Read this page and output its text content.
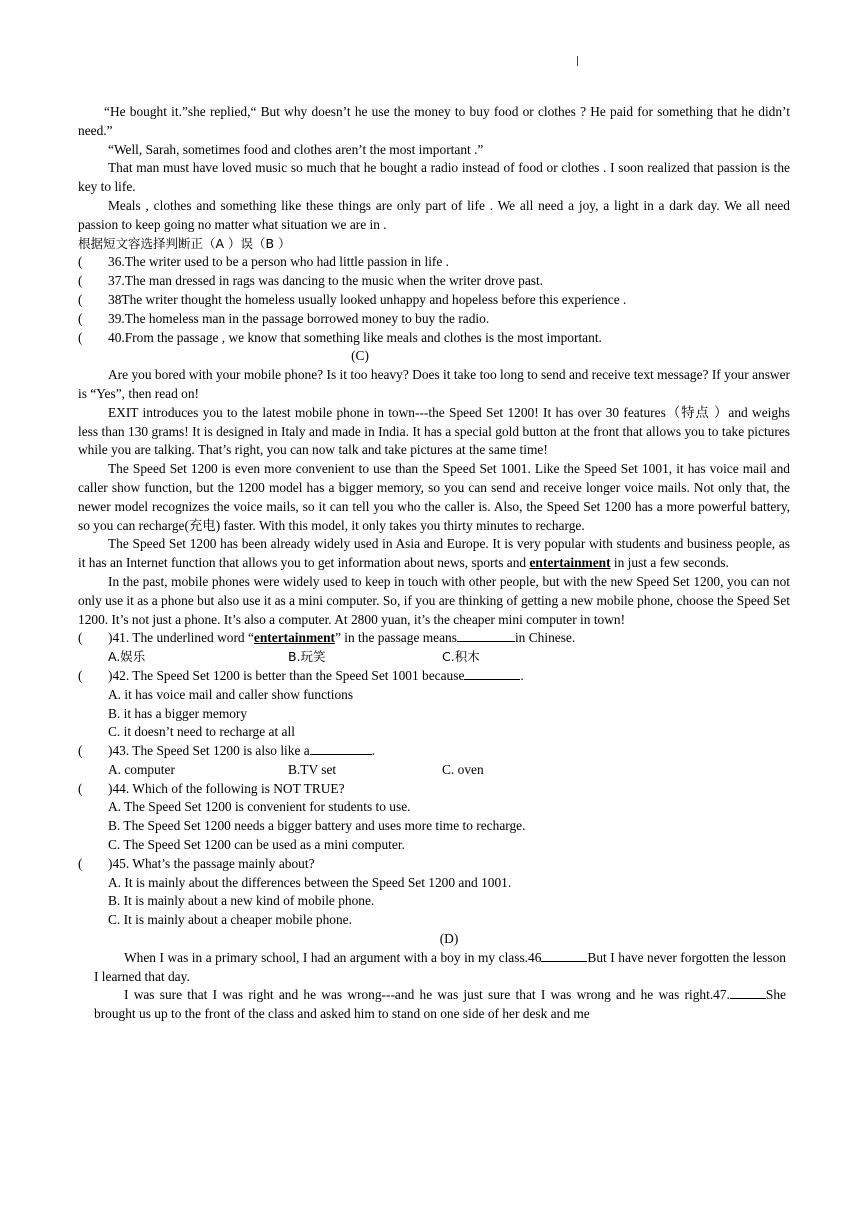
“He bought it.”she replied,“ But why doesn’t he use the money to buy food or clothes ? He paid for something that he didn’t need.”

“Well, Sarah, sometimes food and clothes aren’t the most important .”

That man must have loved music so much that he bought a radio instead of food or clothes . I soon realized that passion is the key to life.

Meals , clothes and something like these things are only part of life . We all need a joy, a light in a dark day. We all need passion to keep going no matter what situation we are in .

根据短文容选择判断正（A ）误（B ）

( 36.The writer used to be a person who had little passion in life .

( 37.The man dressed in rags was dancing to the music when the writer drove past.

( 38The writer thought the homeless usually looked unhappy and hopeless before this experience .

( 39.The homeless man in the passage borrowed money to buy the radio.

( 40.From the passage , we know that something like meals and clothes is the most important.

(C)

Are you bored with your mobile phone? Is it too heavy? Does it take too long to send and receive text message? If your answer is “Yes”, then read on!

EXIT introduces you to the latest mobile phone in town---the Speed Set 1200! It has over 30 features（特点 ）and weighs less than 130 grams! It is designed in Italy and made in India. It has a special gold button at the front that allows you to take pictures while you are talking. That’s right, you can now talk and take pictures at the same time!

The Speed Set 1200 is even more convenient to use than the Speed Set 1001. Like the Speed Set 1001, it has voice mail and caller show function, but the 1200 model has a bigger memory, so you can send and receive longer voice mails. Not only that, the newer model recognizes the voice mails, so it can tell you who the caller is. Also, the Speed Set 1200 has a more powerful battery, so you can recharge(充电) faster. With this model, it only takes you thirty minutes to recharge.

The Speed Set 1200 has been already widely used in Asia and Europe. It is very popular with students and business people, as it has an Internet function that allows you to get information about news, sports and entertainment in just a few seconds.

In the past, mobile phones were widely used to keep in touch with other people, but with the new Speed Set 1200, you can not only use it as a phone but also use it as a mini computer. So, if you are thinking of getting a new mobile phone, choose the Speed Set 1200. It’s not just a phone. It’s also a computer. At 2800 yuan, it’s the cheaper mini computer in town!

( )41. The underlined word “entertainment” in the passage means	in Chinese.

A.娱乐	B.玩笑	C.积木

( )42. The Speed Set 1200 is better than the Speed Set 1001 because	.

A. it has voice mail and caller show functions

B. it has a bigger memory

C. it doesn’t need to recharge at all

( )43. The Speed Set 1200 is also like a	.

A. computer	B.TV set	C. oven

( )44. Which of the following is NOT TRUE?

A. The Speed Set 1200 is convenient for students to use.

B. The Speed Set 1200 needs a bigger battery and uses more time to recharge.

C. The Speed Set 1200 can be used as a mini computer.

( )45. What’s the passage mainly about?

A. It is mainly about the differences between the Speed Set 1200 and 1001.

B. It is mainly about a new kind of mobile phone.

C. It is mainly about a cheaper mobile phone.

(D)

When I was in a primary school, I had an argument with a boy in my class.46	But I have never forgotten the lesson I learned that day.

I was sure that I was right and he was wrong---and he was just sure that I was wrong and he was right.47.	She brought us up to the front of the class and asked him to stand on one side of her desk and me
